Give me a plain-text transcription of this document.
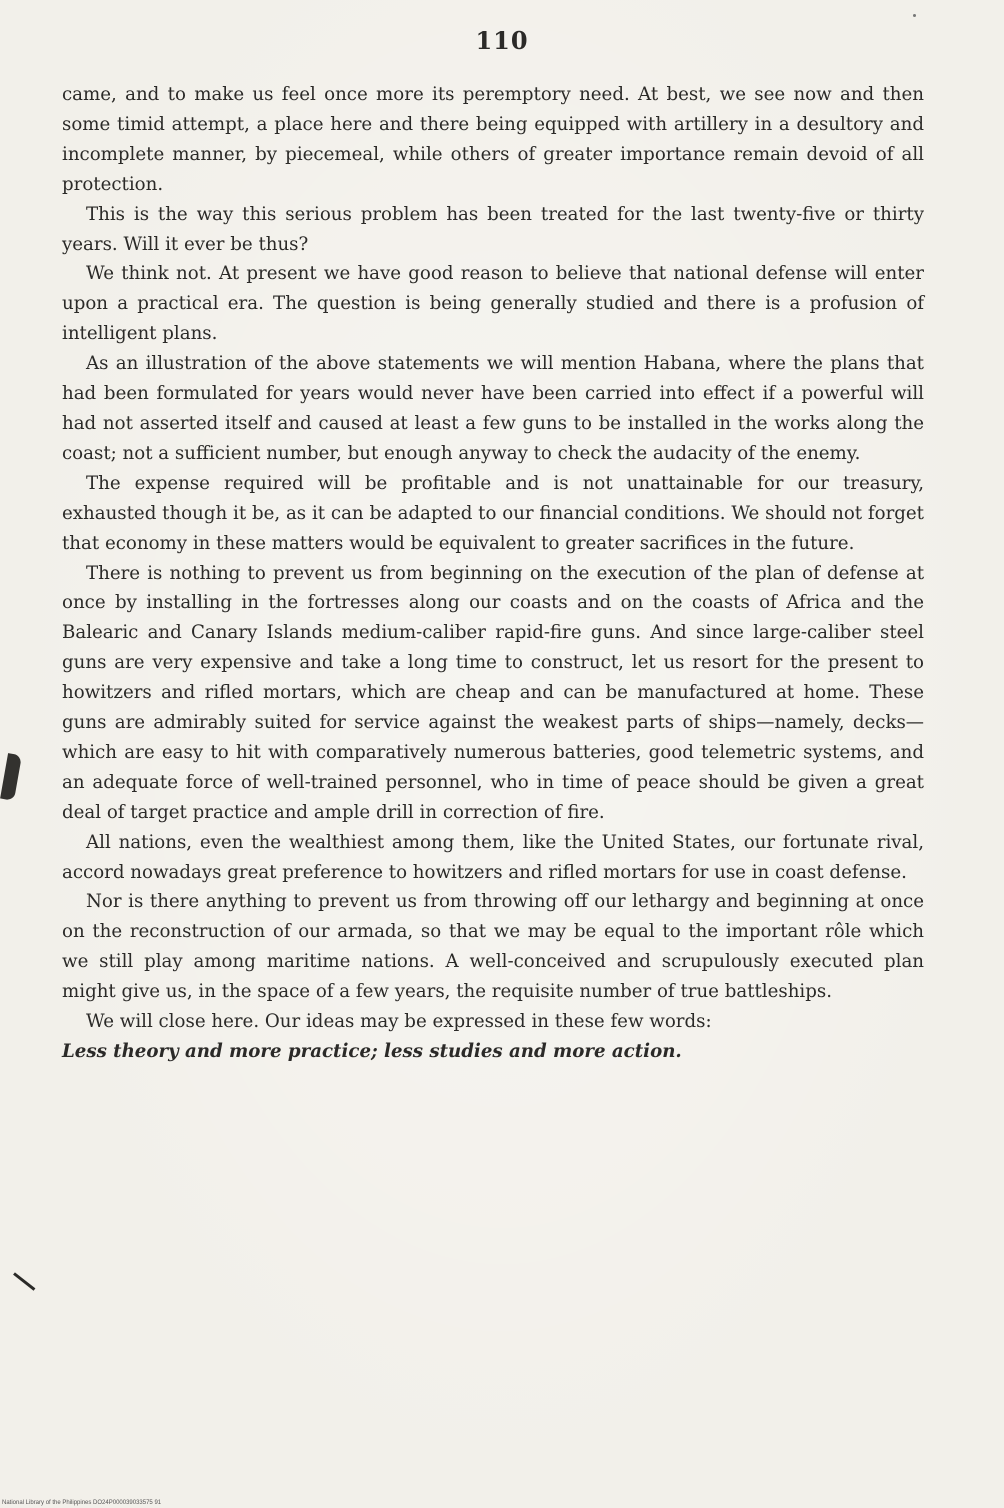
110

came, and to make us feel once more its peremptory need. At best, we see now and then some timid attempt, a place here and there being equipped with artillery in a desultory and incomplete manner, by piecemeal, while others of greater importance remain devoid of all protection.

This is the way this serious problem has been treated for the last twenty-five or thirty years. Will it ever be thus?

We think not. At present we have good reason to believe that national defense will enter upon a practical era. The question is being generally studied and there is a profusion of intelligent plans.

As an illustration of the above statements we will mention Habana, where the plans that had been formulated for years would never have been carried into effect if a powerful will had not asserted itself and caused at least a few guns to be installed in the works along the coast; not a sufficient number, but enough anyway to check the audacity of the enemy.

The expense required will be profitable and is not unattainable for our treasury, exhausted though it be, as it can be adapted to our financial conditions. We should not forget that economy in these matters would be equivalent to greater sacrifices in the future.

There is nothing to prevent us from beginning on the execution of the plan of defense at once by installing in the fortresses along our coasts and on the coasts of Africa and the Balearic and Canary Islands medium-caliber rapid-fire guns. And since large-caliber steel guns are very expensive and take a long time to construct, let us resort for the present to howitzers and rifled mortars, which are cheap and can be manufactured at home. These guns are admirably suited for service against the weakest parts of ships—namely, decks—which are easy to hit with comparatively numerous batteries, good telemetric systems, and an adequate force of well-trained personnel, who in time of peace should be given a great deal of target practice and ample drill in correction of fire.

All nations, even the wealthiest among them, like the United States, our fortunate rival, accord nowadays great preference to howitzers and rifled mortars for use in coast defense.

Nor is there anything to prevent us from throwing off our lethargy and beginning at once on the reconstruction of our armada, so that we may be equal to the important rôle which we still play among maritime nations. A well-conceived and scrupulously executed plan might give us, in the space of a few years, the requisite number of true battleships.

We will close here. Our ideas may be expressed in these few words:

Less theory and more practice; less studies and more action.

National Library of the Philippines DO24P000039033575 91
